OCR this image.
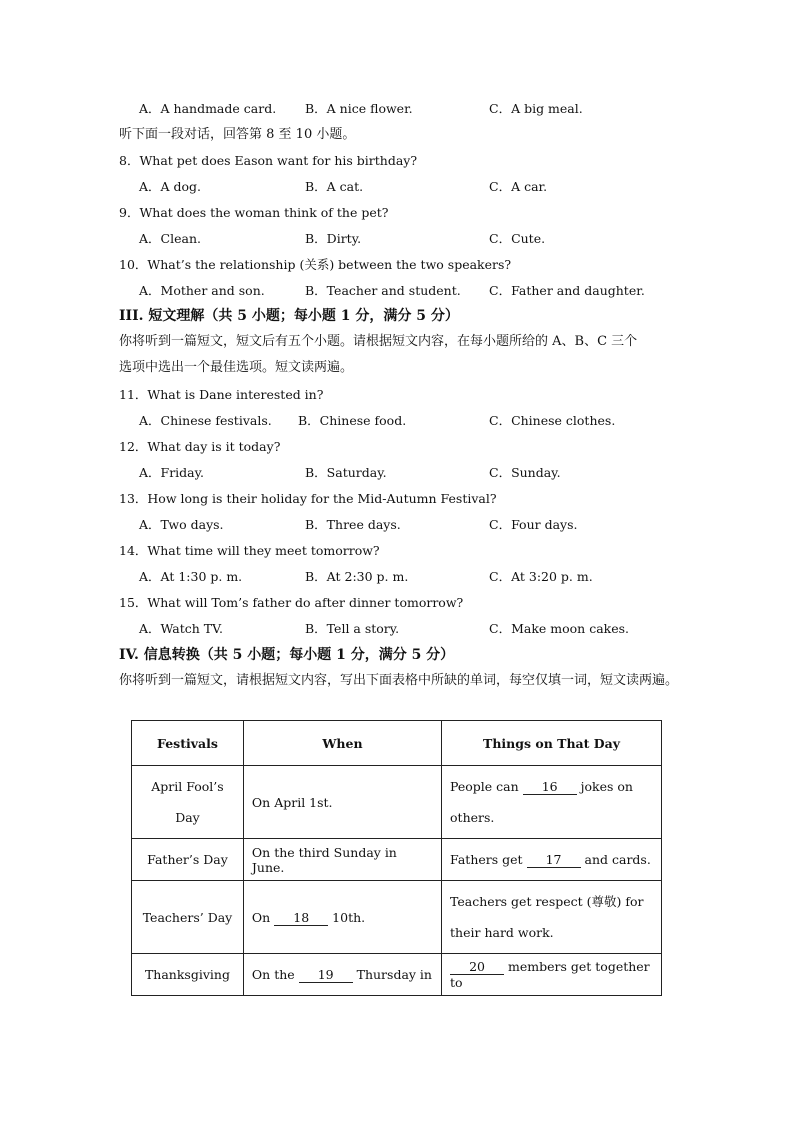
A．A handmade card. B．A nice flower.	C．A big meal.
听下面一段对话，回答第 8 至 10 小题。
8．What pet does Eason want for his birthday?
A．A dog.	B．A cat.	C．A car.
9．What does the woman think of the pet?
A．Clean.	B．Dirty.	C．Cute.
10．What’s the relationship (关系) between the two speakers?
A．Mother and son.	B．Teacher and student. C．Father and daughter.
III. 短文理解（共 5 小题；每小题 1 分，满分 5 分）
你将听到一篇短文，短文后有五个小题。请根据短文内容，在每小题所给的 A、B、C 三个
选项中选出一个最佳选项。短文读两遍。
11．What is Dane interested in?
A．Chinese festivals. B．Chinese food.	C．Chinese clothes.
12．What day is it today?
A．Friday.	B．Saturday.	C．Sunday.
13．How long is their holiday for the Mid-Autumn Festival?
A．Two days.	B．Three days.	C．Four days.
14．What time will they meet tomorrow?
A．At 1:30 p. m.	B．At 2:30 p. m.	C．At 3:20 p. m.
15．What will Tom’s father do after dinner tomorrow?
A．Watch TV.	B．Tell a story.	C．Make moon cakes.
IV. 信息转换（共 5 小题；每小题 1 分，满分 5 分）
你将听到一篇短文，请根据短文内容，写出下面表格中所缺的单词，每空仅填一词，短文读两遍。
Festivals	When	Things on That Day
April Fool’s Day	On April 1st.	People can 16 jokes on others.
Father’s Day	On the third Sunday in June.	Fathers get 17 and cards.
Teachers’ Day	On 18 10th.	Teachers get respect (尊敬) for their hard work.
Thanksgiving	On the 19 Thursday in	20 members get together to
